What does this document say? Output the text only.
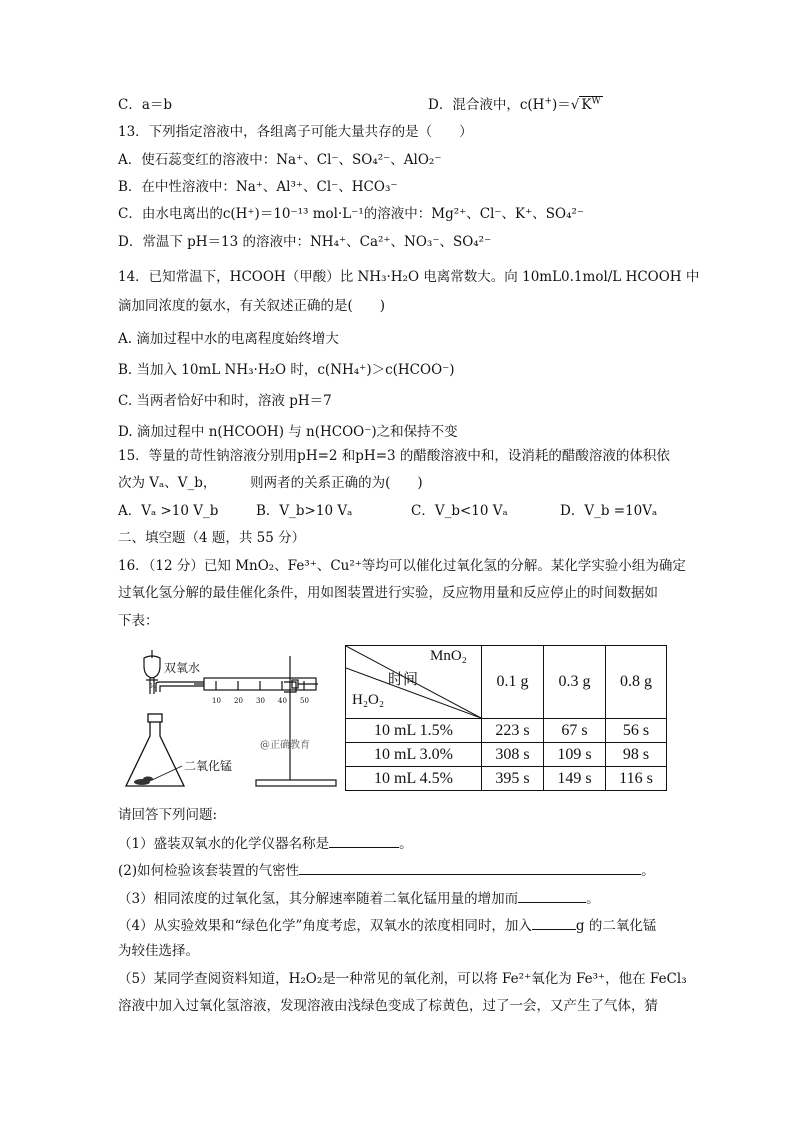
C．a＝b	D．混合液中，c(H+)＝√ $K^W$
13．下列指定溶液中，各组离子可能大量共存的是（　　）
A．使石蕊变红的溶液中：Na⁺、Cl⁻、SO₄²⁻、AlO₂⁻
B．在中性溶液中：Na⁺、Al³⁺、Cl⁻、HCO₃⁻
C．由水电离出的c(H⁺)＝10⁻¹³ mol·L⁻¹的溶液中：Mg²⁺、Cl⁻、K⁺、SO₄²⁻
D．常温下 pH＝13 的溶液中：NH₄⁺、Ca²⁺、NO₃⁻、SO₄²⁻
14．已知常温下，HCOOH（甲酸）比 NH₃·H₂O 电离常数大。向 10mL0.1mol/L HCOOH 中
滴加同浓度的氨水，有关叙述正确的是(　　)
A. 滴加过程中水的电离程度始终增大
B. 当加入 10mL NH₃·H₂O 时，c(NH₄⁺)＞c(HCOO⁻)
C. 当两者恰好中和时，溶液 pH＝7
D. 滴加过程中 n(HCOOH) 与 n(HCOO⁻)之和保持不变
15．等量的苛性钠溶液分别用pH=2 和pH=3 的醋酸溶液中和，设消耗的醋酸溶液的体积依
次为 Vₐ、V_b，　　　则两者的关系正确的为(　　)
A．Vₐ >10 V_b	B．V_b>10 Vₐ	C．V_b<10 Vₐ	D．V_b =10Vₐ
二、填空题（4 题，共 55 分）
16．（12 分）已知 MnO₂、Fe³⁺、Cu²⁺等均可以催化过氧化氢的分解。某化学实验小组为确定
过氧化氢分解的最佳催化条件，用如图装置进行实验，反应物用量和反应停止的时间数据如
下表：
50
双氧水
10 20 30 40 50
@正确教育
二氧化锰
MnO₂
时间
H₂O₂	0.1 g	0.3 g	0.8 g
10 mL 1.5%	223 s	67 s	56 s
10 mL 3.0%	308 s	109 s	98 s
10 mL 4.5%	395 s	149 s	116 s
请回答下列问题:
（1）盛装双氧水的化学仪器名称是	。
(2)如何检验该套装置的气密性	。
（3）相同浓度的过氧化氢，其分解速率随着二氧化锰用量的增加而	。
（4）从实验效果和“绿色化学”角度考虑，双氧水的浓度相同时，加入	g 的二氧化锰
为较佳选择。
（5）某同学查阅资料知道，H₂O₂是一种常见的氧化剂，可以将 Fe²⁺氧化为 Fe³⁺，他在 FeCl₃
溶液中加入过氧化氢溶液，发现溶液由浅绿色变成了棕黄色，过了一会，又产生了气体，猜
